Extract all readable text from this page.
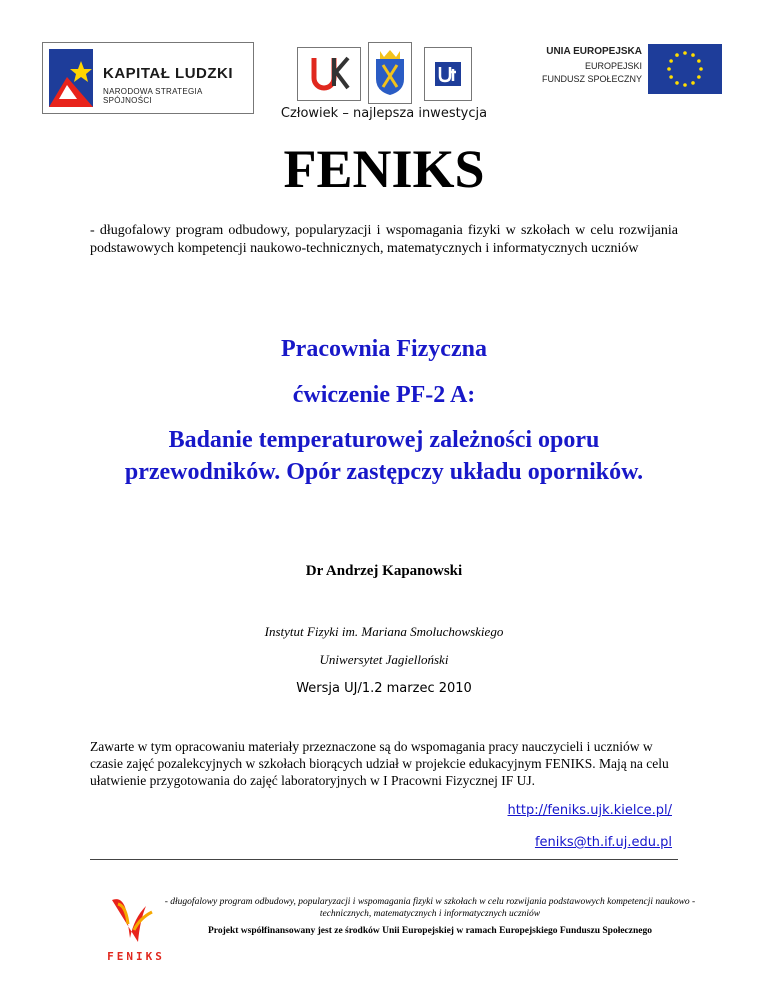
KAPITAŁ LUDZKI
NARODOWA STRATEGIA SPÓJNOŚCI
UNIA EUROPEJSKA
EUROPEJSKI
FUNDUSZ SPOŁECZNY
Człowiek – najlepsza inwestycja
FENIKS
- długofalowy program odbudowy, popularyzacji i wspomagania fizyki w szkołach w celu rozwijania podstawowych kompetencji naukowo-technicznych, matematycznych i informatycznych uczniów
Pracownia Fizyczna
ćwiczenie PF-2 A:
Badanie temperaturowej zależności oporu
przewodników. Opór zastępczy układu oporników.
Dr Andrzej Kapanowski
Instytut Fizyki im. Mariana Smoluchowskiego
Uniwersytet Jagielloński
Wersja UJ/1.2 marzec 2010
Zawarte w tym opracowaniu materiały przeznaczone są do wspomagania pracy nauczycieli i uczniów w czasie zajęć pozalekcyjnych w szkołach biorących udział w projekcie edukacyjnym FENIKS. Mają na celu ułatwienie przygotowania do zajęć laboratoryjnych w I Pracowni Fizycznej IF UJ.
http://feniks.ujk.kielce.pl/
feniks@th.if.uj.edu.pl
FENIKS
- długofalowy program odbudowy, popularyzacji i wspomagania fizyki w szkołach w celu rozwijania podstawowych kompetencji naukowo - technicznych, matematycznych i informatycznych uczniów
Projekt współfinansowany jest ze środków Unii Europejskiej w ramach Europejskiego Funduszu Społecznego
